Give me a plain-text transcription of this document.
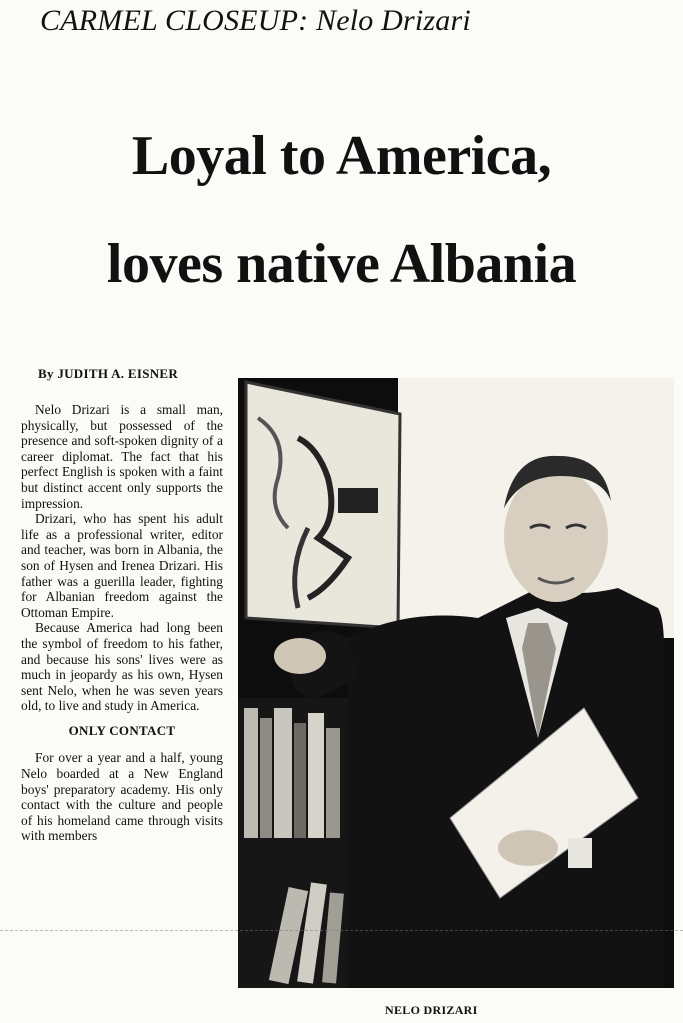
CARMEL CLOSEUP: Nelo Drizari
Loyal to America,
loves native Albania
By JUDITH A. EISNER

Nelo Drizari is a small man, physically, but possessed of the presence and soft-spoken dignity of a career diplomat. The fact that his perfect English is spoken with a faint but distinct accent only supports the impression.

Drizari, who has spent his adult life as a professional writer, editor and teacher, was born in Albania, the son of Hysen and Irenea Drizari. His father was a guerilla leader, fighting for Albanian freedom against the Ottoman Empire.

Because America had long been the symbol of freedom to his father, and because his sons' lives were as much in jeopardy as his own, Hysen sent Nelo, when he was seven years old, to live and study in America.

ONLY CONTACT

For over a year and a half, young Nelo boarded at a New England boys' preparatory academy. His only contact with the culture and people of his homeland came through visits with members

NELO DRIZARI
